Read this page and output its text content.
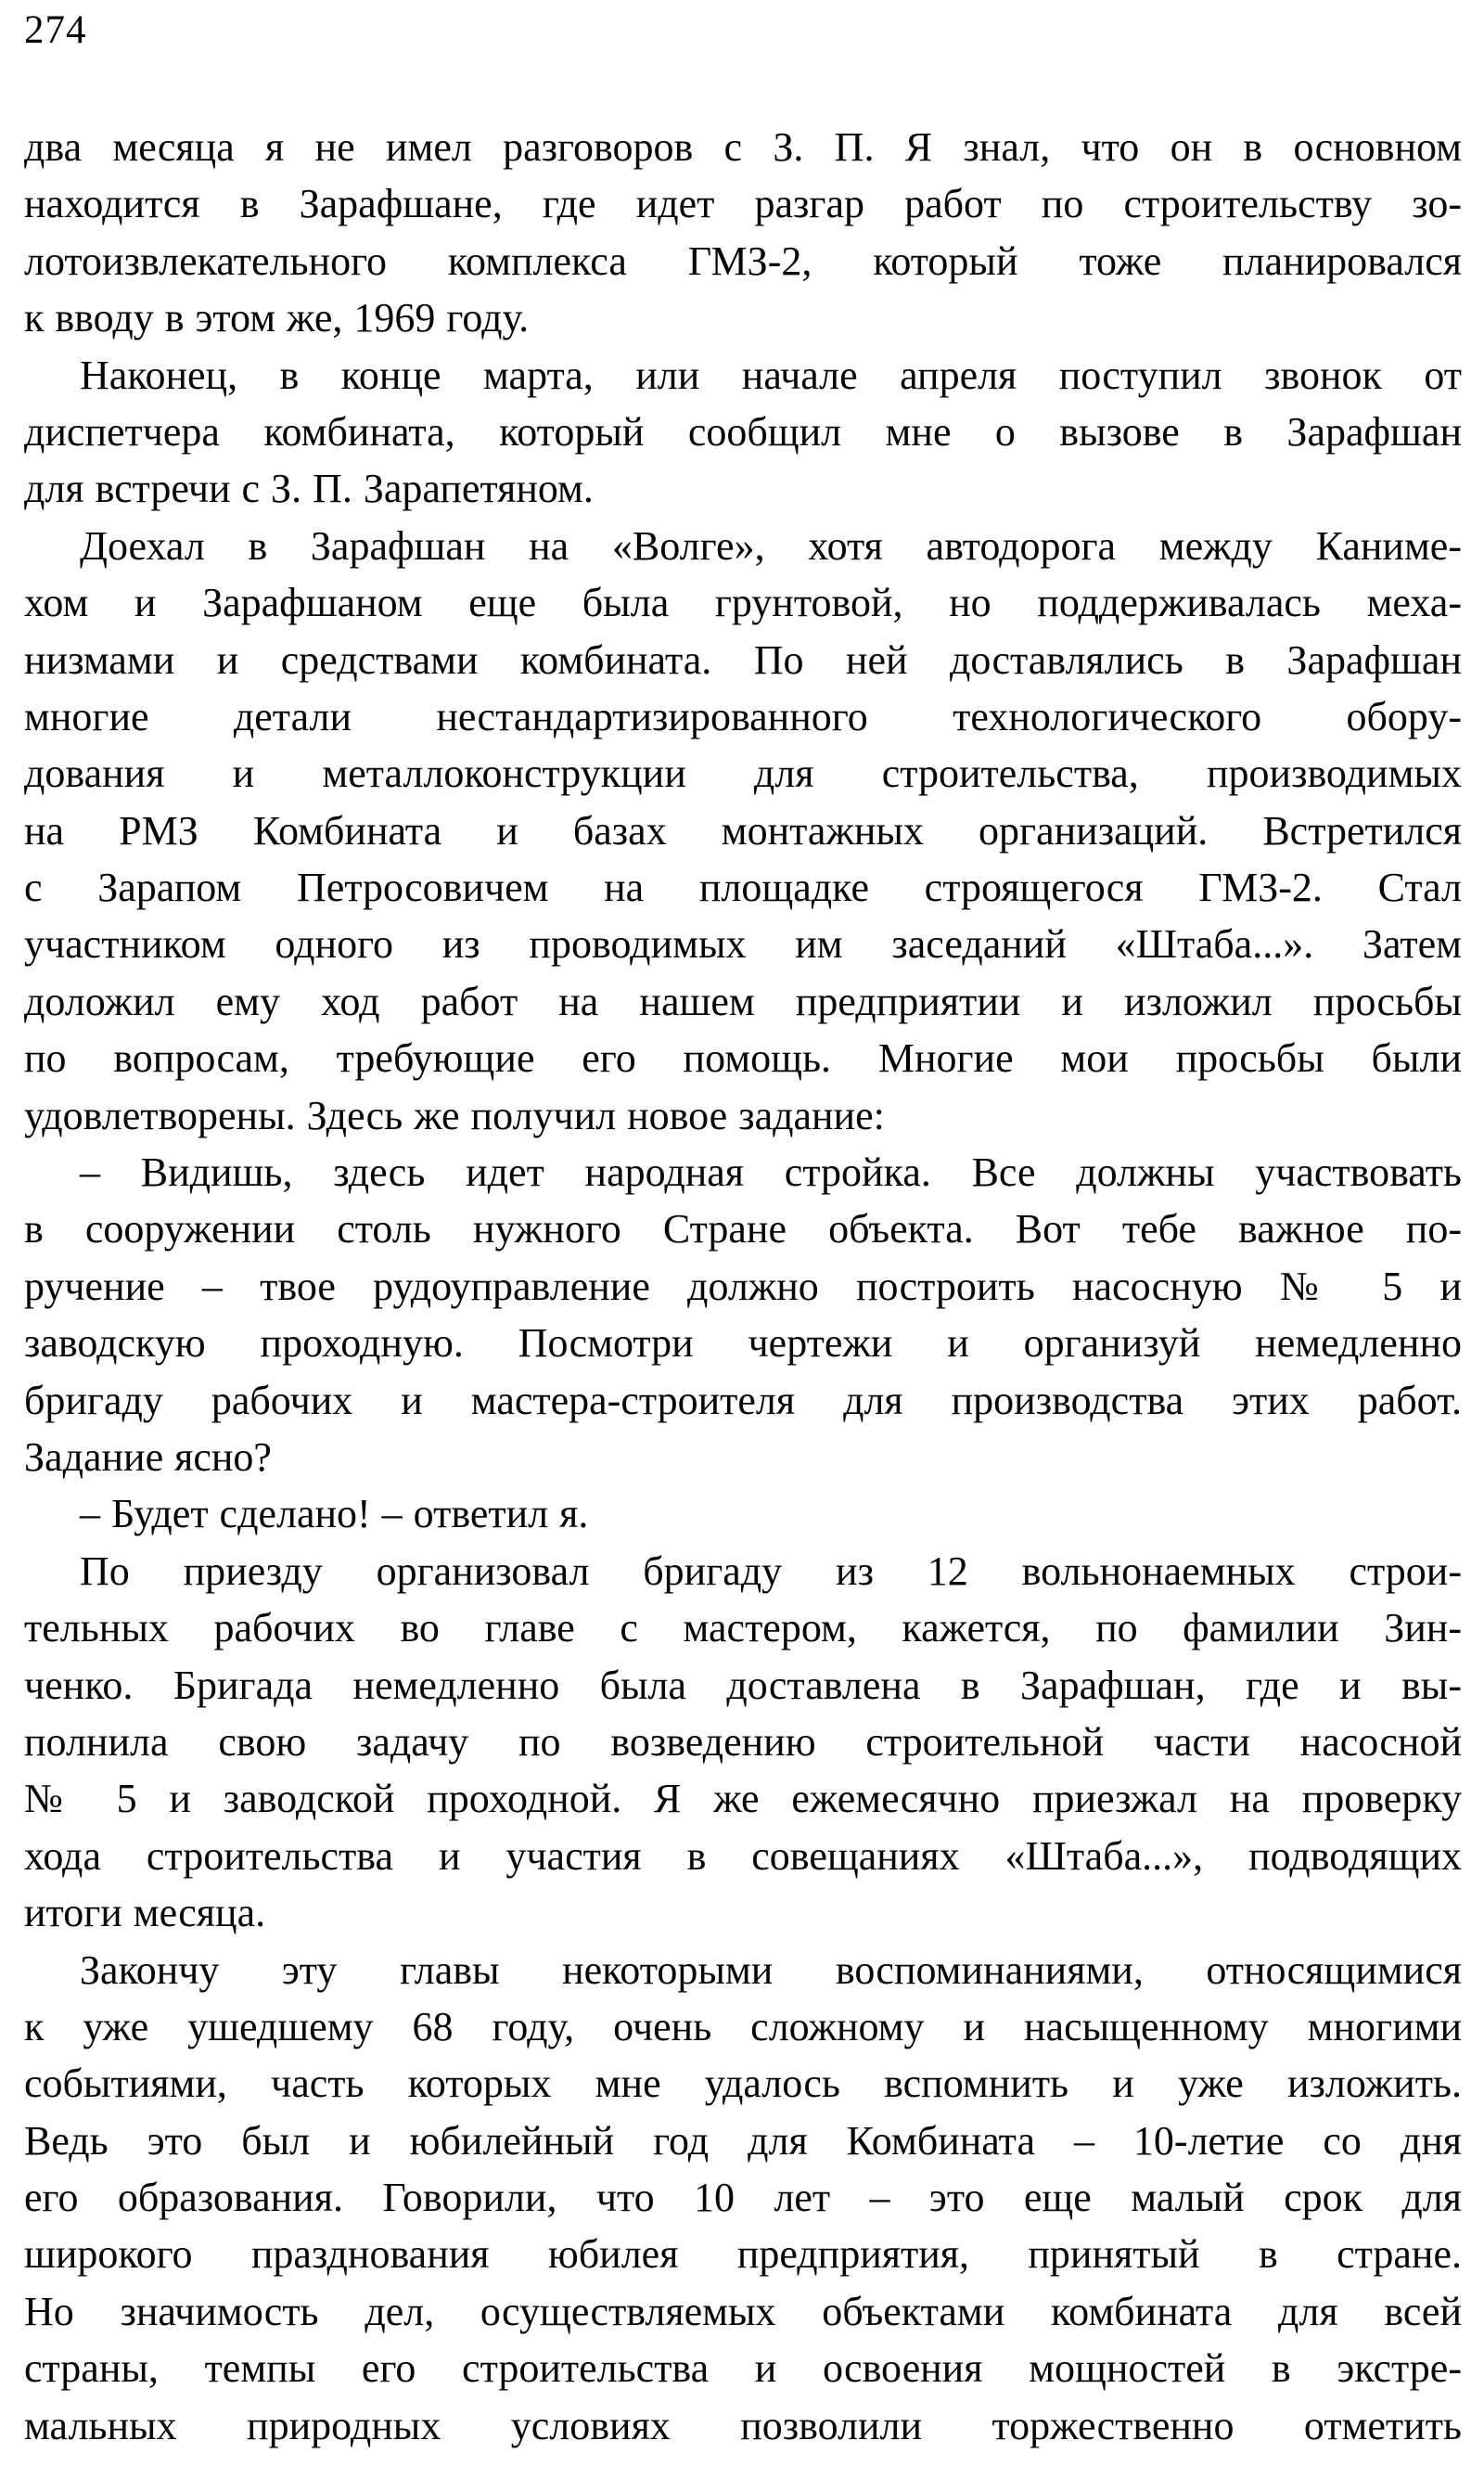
274
два месяца я не имел разговоров с З. П. Я знал, что он в основном
находится в Зарафшане, где идет разгар работ по строительству зо-
лотоизвлекательного комплекса ГМЗ-2, который тоже планировался
к вводу в этом же, 1969 году.
Наконец, в конце марта, или начале апреля поступил звонок от
диспетчера комбината, который сообщил мне о вызове в Зарафшан
для встречи с З. П. Зарапетяном.
Доехал в Зарафшан на «Волге», хотя автодорога между Каниме-
хом и Зарафшаном еще была грунтовой, но поддерживалась меха-
низмами и средствами комбината. По ней доставлялись в Зарафшан
многие детали нестандартизированного технологического обору-
дования и металлоконструкции для строительства, производимых
на РМЗ Комбината и базах монтажных организаций. Встретился
с Зарапом Петросовичем на площадке строящегося ГМЗ-2. Стал
участником одного из проводимых им заседаний «Штаба...». Затем
доложил ему ход работ на нашем предприятии и изложил просьбы
по вопросам, требующие его помощь. Многие мои просьбы были
удовлетворены. Здесь же получил новое задание:
– Видишь, здесь идет народная стройка. Все должны участвовать
в сооружении столь нужного Стране объекта. Вот тебе важное по-
ручение – твое рудоуправление должно построить насосную № 5 и
заводскую проходную. Посмотри чертежи и организуй немедленно
бригаду рабочих и мастера-строителя для производства этих работ.
Задание ясно?
– Будет сделано! – ответил я.
По приезду организовал бригаду из 12 вольнонаемных строи-
тельных рабочих во главе с мастером, кажется, по фамилии Зин-
ченко. Бригада немедленно была доставлена в Зарафшан, где и вы-
полнила свою задачу по возведению строительной части насосной
№ 5 и заводской проходной. Я же ежемесячно приезжал на проверку
хода строительства и участия в совещаниях «Штаба...», подводящих
итоги месяца.
Закончу эту главы некоторыми воспоминаниями, относящимися
к уже ушедшему 68 году, очень сложному и насыщенному многими
событиями, часть которых мне удалось вспомнить и уже изложить.
Ведь это был и юбилейный год для Комбината – 10-летие со дня
его образования. Говорили, что 10 лет – это еще малый срок для
широкого празднования юбилея предприятия, принятый в стране.
Но значимость дел, осуществляемых объектами комбината для всей
страны, темпы его строительства и освоения мощностей в экстре-
мальных природных условиях позволили торжественно отметить
